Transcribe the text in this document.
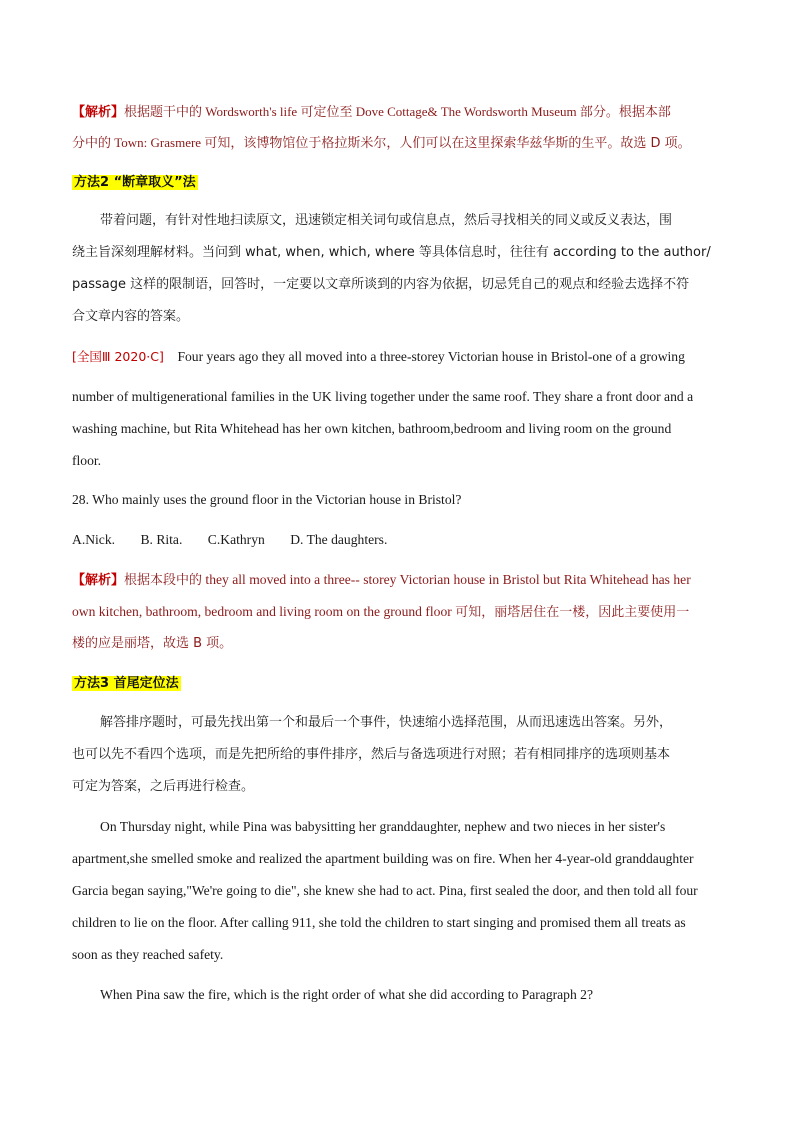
【解析】根据题干中的 Wordsworth's life 可定位至 Dove Cottage& The Wordsworth Museum 部分。根据本部
分中的 Town: Grasmere 可知，该博物馆位于格拉斯米尔，人们可以在这里探索华兹华斯的生平。故选 D 项。
方法2 “断章取义”法
带着问题，有针对性地扫读原文，迅速锁定相关词句或信息点，然后寻找相关的同义或反义表达，围
绕主旨深刻理解材料。当问到 what, when, which, where 等具体信息时，往往有 according to the author/
passage 这样的限制语，回答时，一定要以文章所谈到的内容为依据，切忌凭自己的观点和经验去选择不符
合文章内容的答案。
[全国Ⅲ 2020·C] Four years ago they all moved into a three-storey Victorian house in Bristol-one of a growing
number of multigenerational families in the UK living together under the same roof. They share a front door and a
washing machine, but Rita Whitehead has her own kitchen, bathroom,bedroom and living room on the ground
floor.
28. Who mainly uses the ground floor in the Victorian house in Bristol?
A.Nick. B. Rita. C.Kathryn D. The daughters.
【解析】根据本段中的 they all moved into a three-- storey Victorian house in Bristol but Rita Whitehead has her
own kitchen, bathroom, bedroom and living room on the ground floor 可知，丽塔居住在一楼，因此主要使用一
楼的应是丽塔，故选 B 项。
方法3 首尾定位法
解答排序题时，可最先找出第一个和最后一个事件，快速缩小选择范围，从而迅速选出答案。另外，
也可以先不看四个选项，而是先把所给的事件排序，然后与备选项进行对照；若有相同排序的选项则基本
可定为答案，之后再进行检查。
On Thursday night, while Pina was babysitting her granddaughter, nephew and two nieces in her sister's
apartment,she smelled smoke and realized the apartment building was on fire. When her 4-year-old granddaughter
Garcia began saying,"We're going to die", she knew she had to act. Pina, first sealed the door, and then told all four
children to lie on the floor. After calling 911, she told the children to start singing and promised them all treats as
soon as they reached safety.
When Pina saw the fire, which is the right order of what she did according to Paragraph 2?
